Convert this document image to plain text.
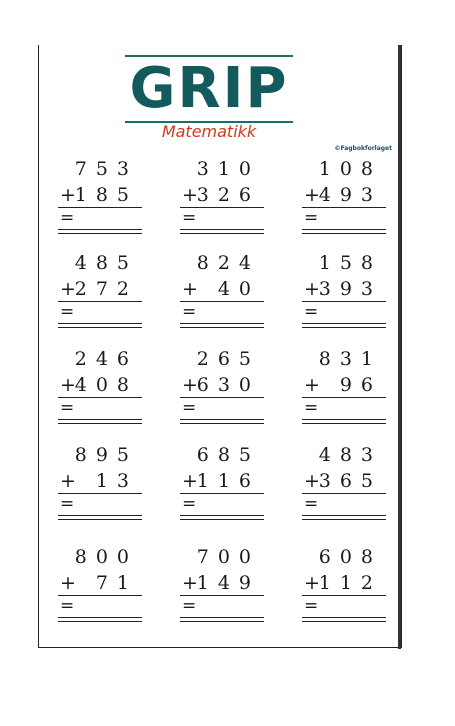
GRIP
Matematikk
©Fagbokforlaget
753
+
185
=
310
+
326
=
108
+
493
=
485
+
272
=
824
+ 40
=
158
+
393
=
246
+
408
=
265
+
630
=
831
+ 96
=
895
+ 13
=
685
+
116
=
483
+
365
=
800
+ 71
=
700
+
149
=
608
+
112
=
